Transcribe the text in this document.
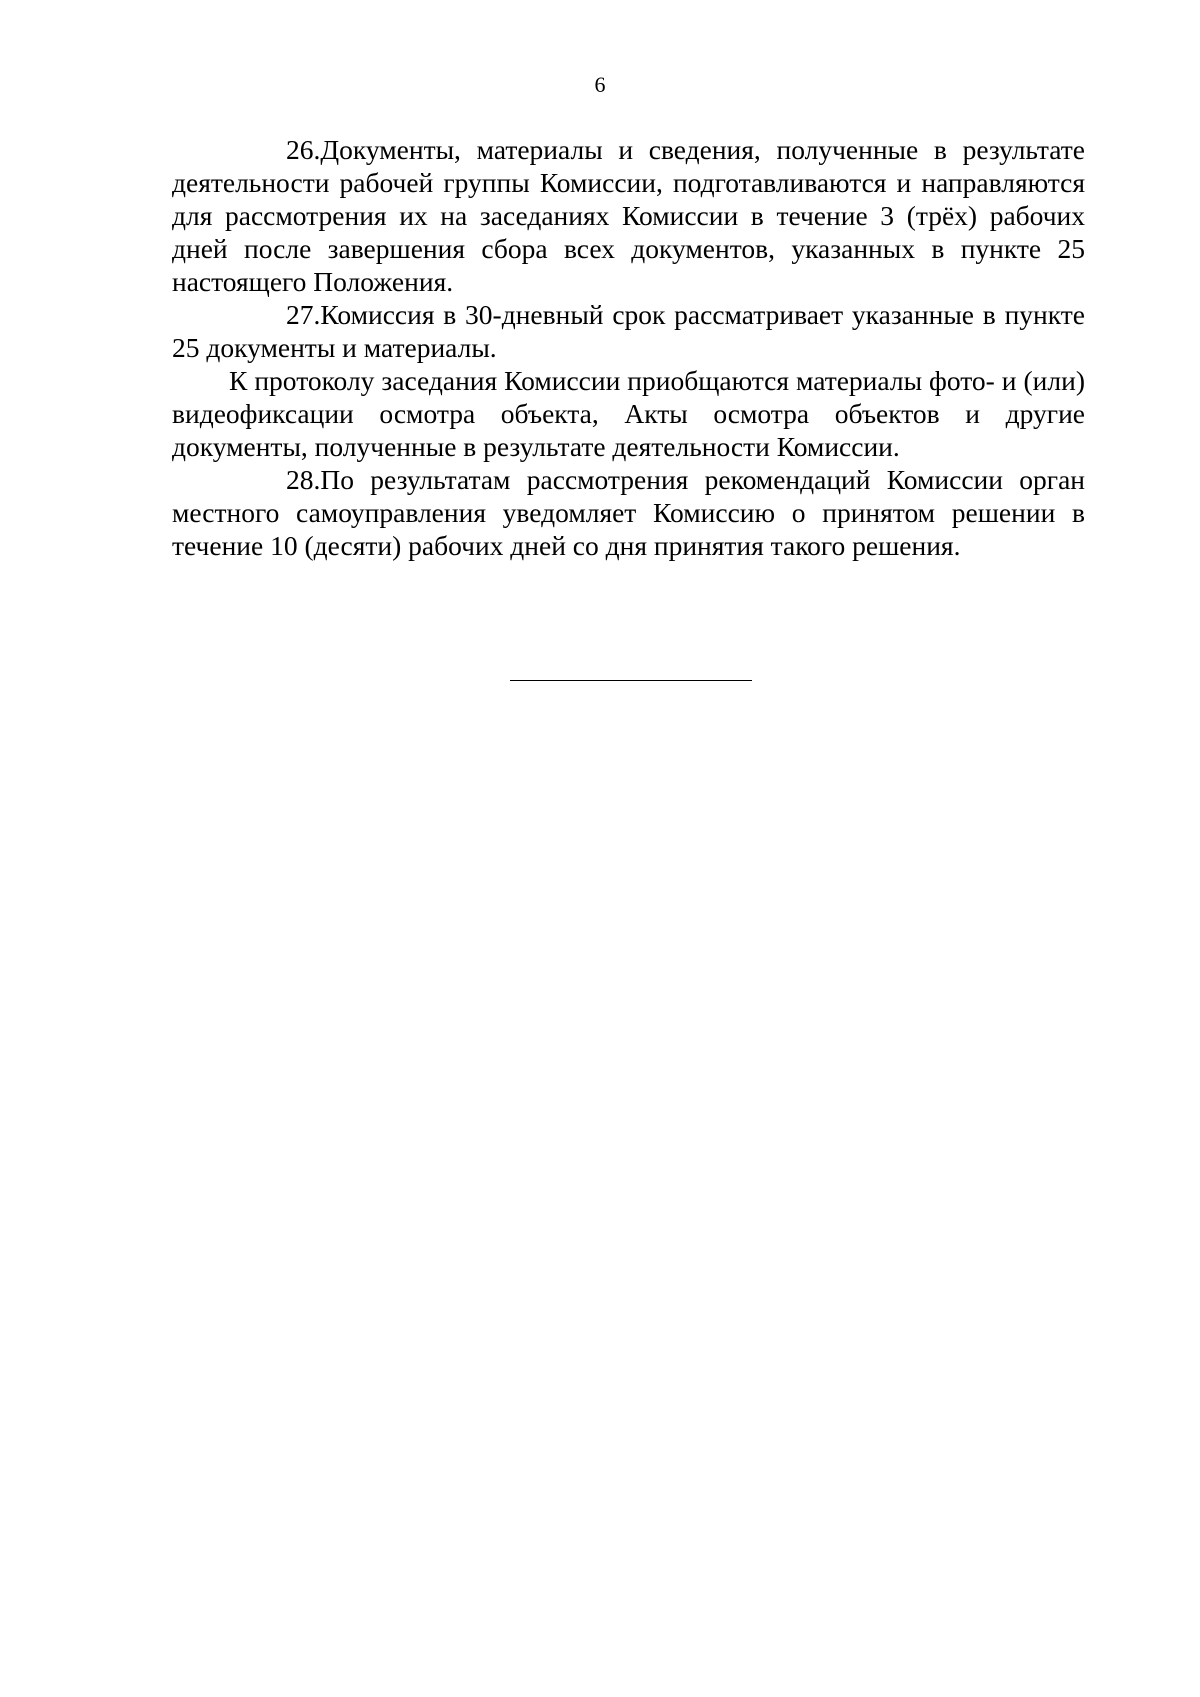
6

26.Документы, материалы и сведения, полученные в результате деятельности рабочей группы Комиссии, подготавливаются и направляются для рассмотрения их на заседаниях Комиссии в течение 3 (трёх) рабочих дней после завершения сбора всех документов, указанных в пункте 25 настоящего Положения.

27.Комиссия в 30-дневный срок рассматривает указанные в пункте 25 документы и материалы.

К протоколу заседания Комиссии приобщаются материалы фото- и (или) видеофиксации осмотра объекта, Акты осмотра объектов и другие документы, полученные в результате деятельности Комиссии.

28.По результатам рассмотрения рекомендаций Комиссии орган местного самоуправления уведомляет Комиссию о принятом решении в течение 10 (десяти) рабочих дней со дня принятия такого решения.
